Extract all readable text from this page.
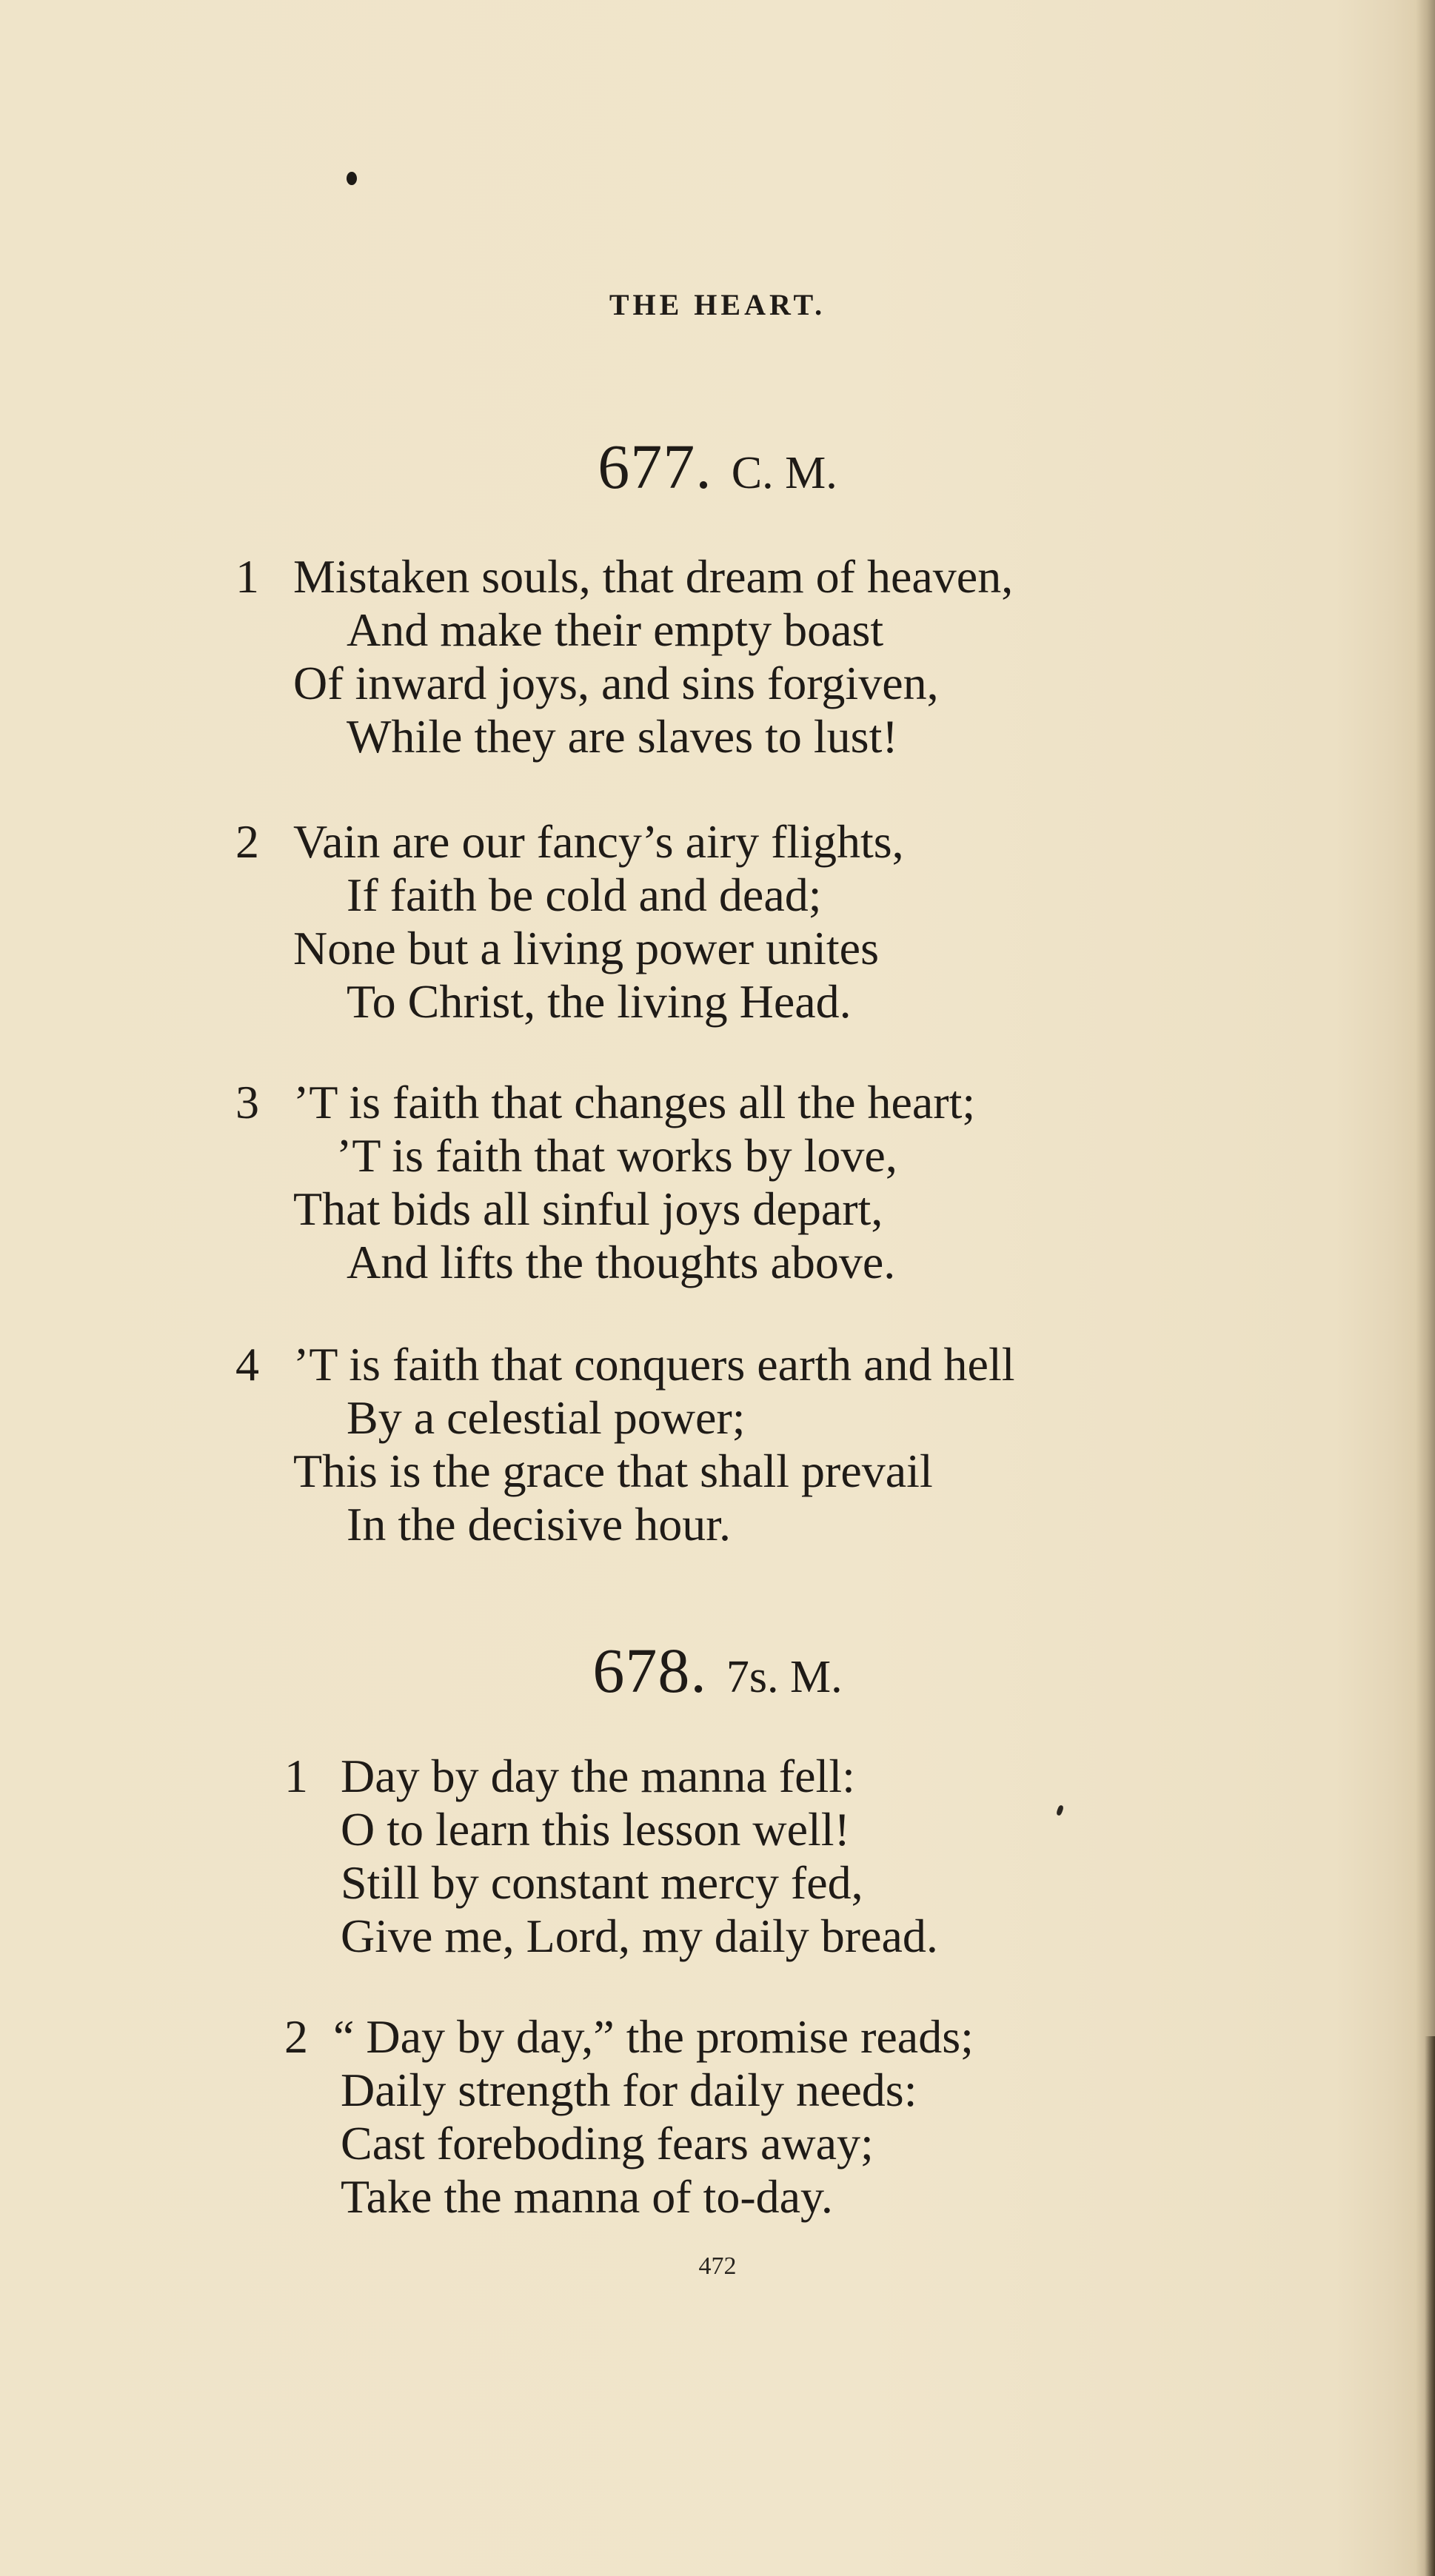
THE HEART.
677. C. M.
1 Mistaken souls, that dream of heaven,
And make their empty boast
Of inward joys, and sins forgiven,
While they are slaves to lust!
2 Vain are our fancy’s airy flights,
If faith be cold and dead;
None but a living power unites
To Christ, the living Head.
3 ’T is faith that changes all the heart;
’T is faith that works by love,
That bids all sinful joys depart,
And lifts the thoughts above.
4 ’T is faith that conquers earth and hell
By a celestial power;
This is the grace that shall prevail
In the decisive hour.
678. 7s. M.
1 Day by day the manna fell:
O to learn this lesson well!
Still by constant mercy fed,
Give me, Lord, my daily bread.
2 “ Day by day,” the promise reads;
Daily strength for daily needs:
Cast foreboding fears away;
Take the manna of to-day.
472
